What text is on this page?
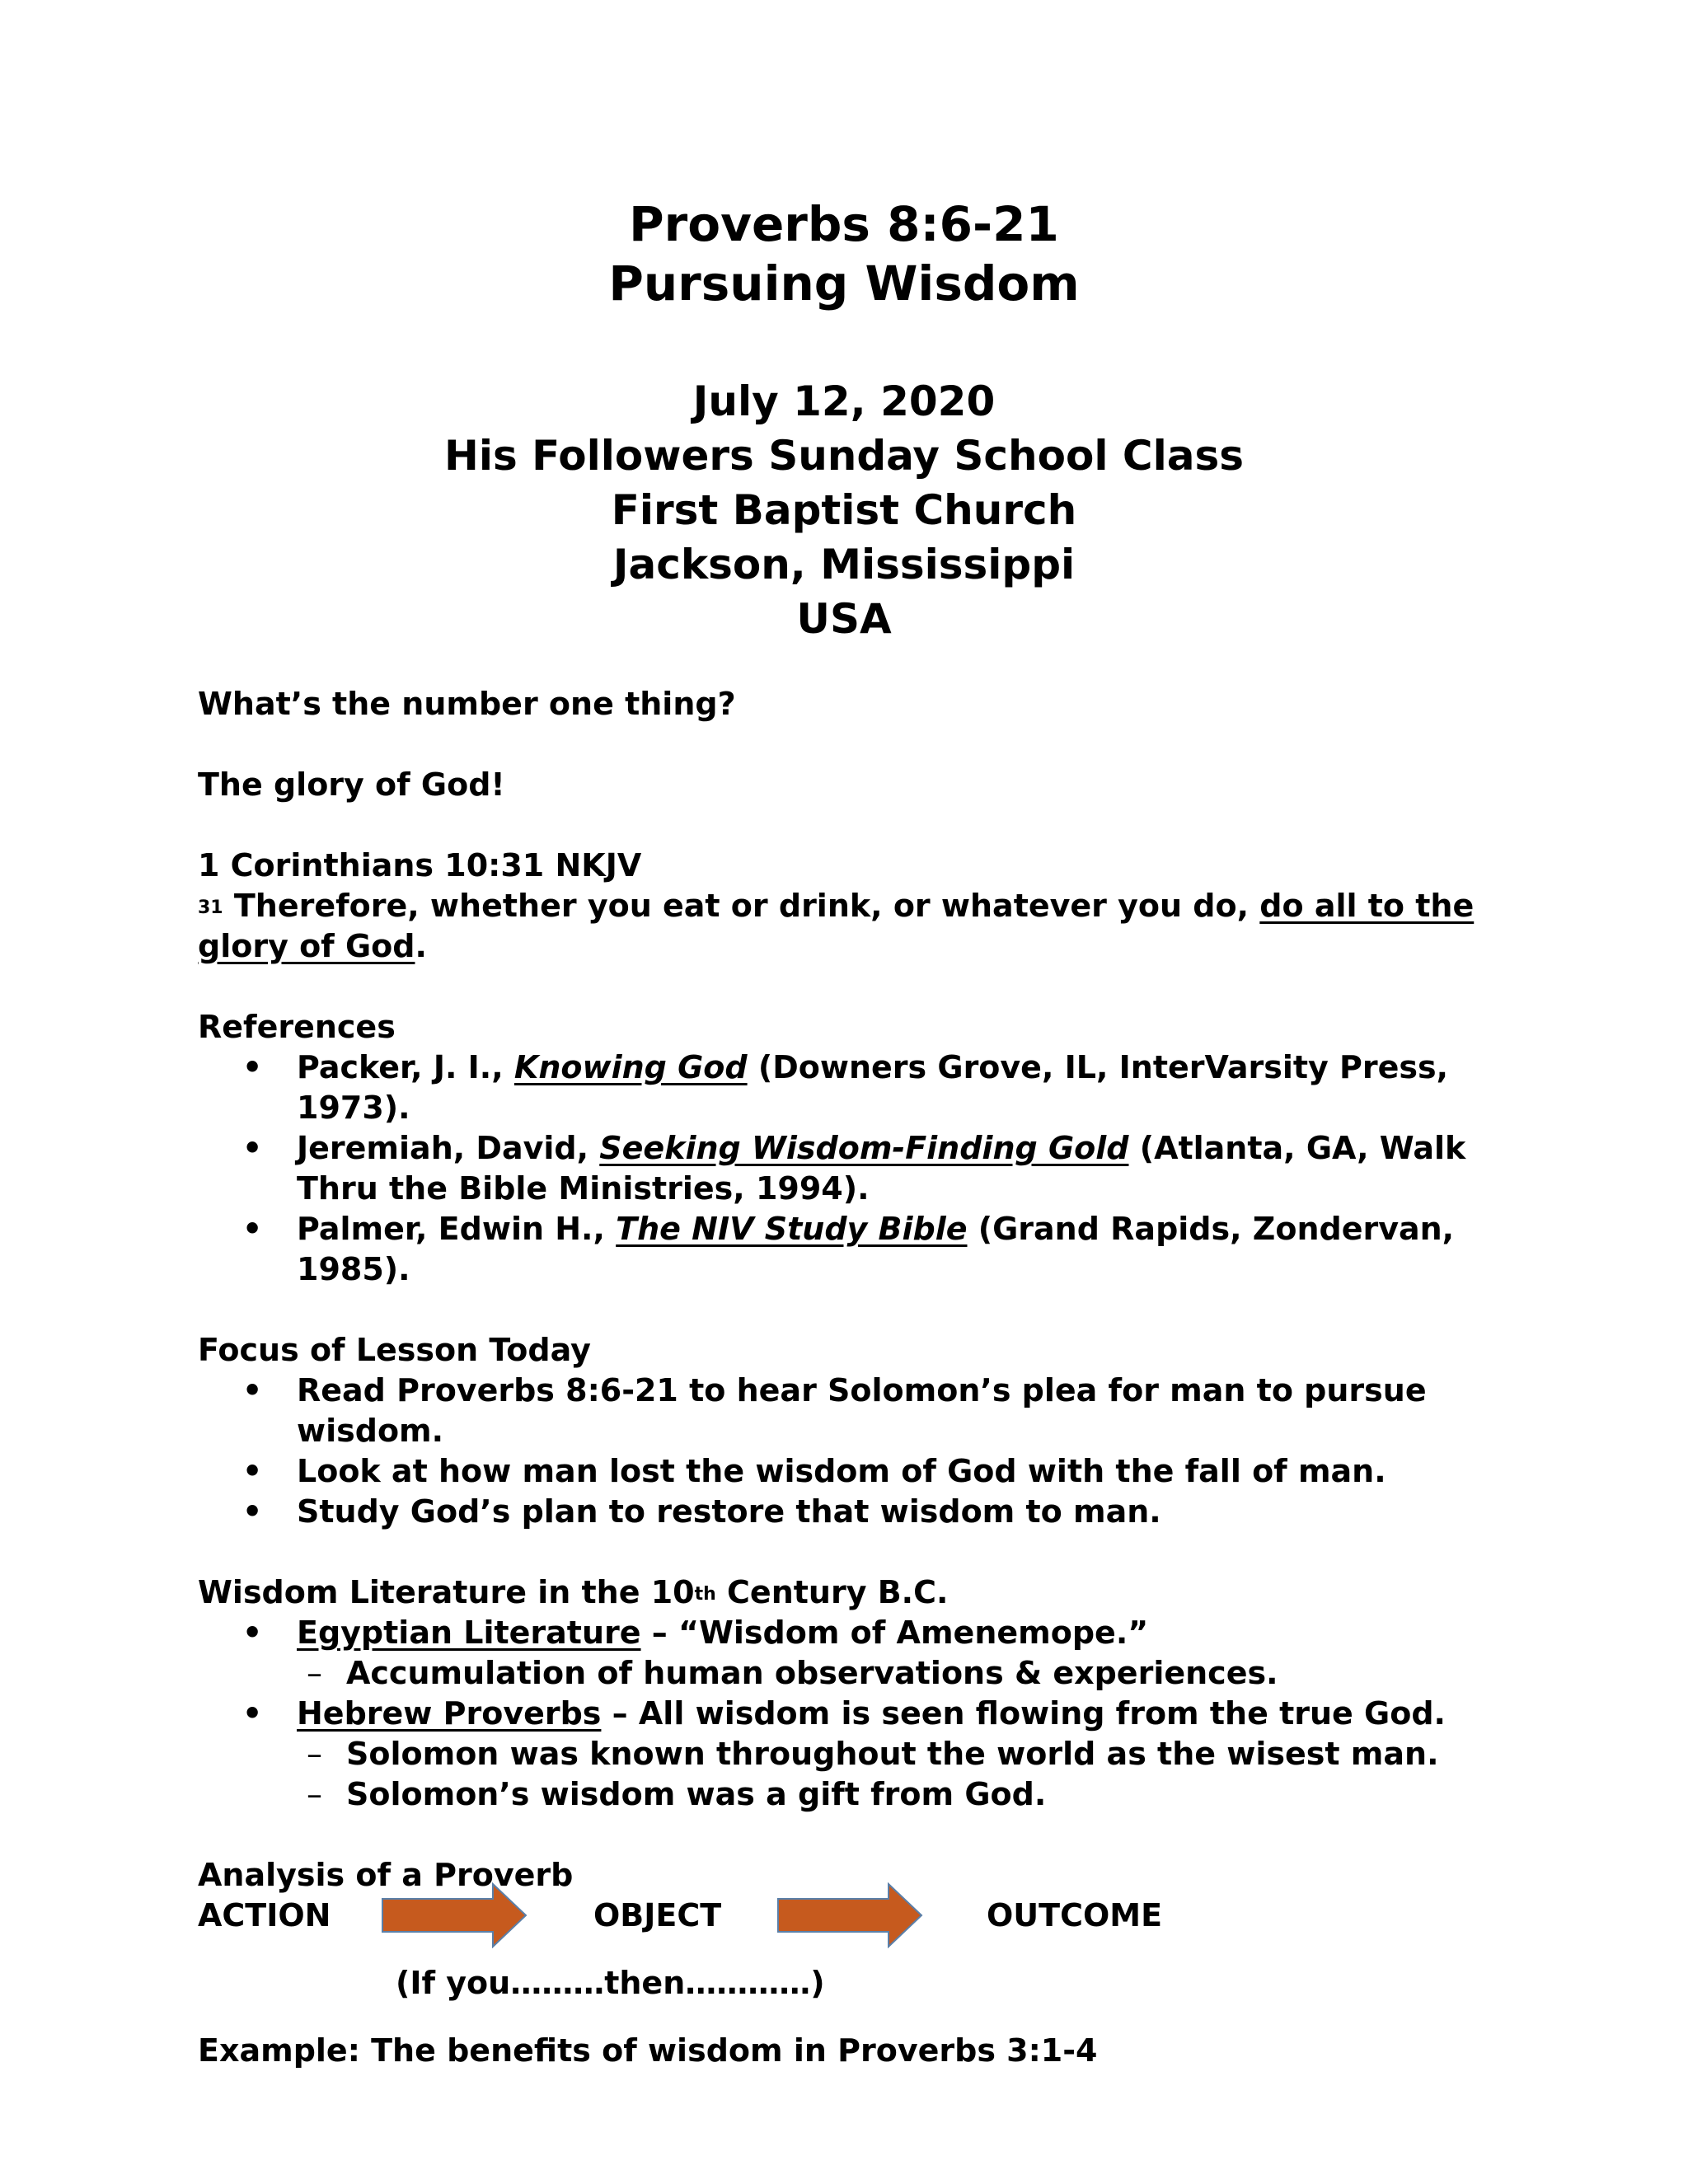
Proverbs 8:6-21
Pursuing Wisdom
July 12, 2020
His Followers Sunday School Class
First Baptist Church
Jackson, Mississippi
USA

What’s the number one thing?

The glory of God!

1 Corinthians 10:31 NKJV

$^{31}$ Therefore, whether you eat or drink, or whatever you do, do all to the glory of God.

References

• Packer, J. I., Knowing God (Downers Grove, IL, InterVarsity Press, 1973).
• Jeremiah, David, Seeking Wisdom-Finding Gold (Atlanta, GA, Walk Thru the Bible Ministries, 1994).
• Palmer, Edwin H., The NIV Study Bible (Grand Rapids, Zondervan, 1985).

Focus of Lesson Today

• Read Proverbs 8:6-21 to hear Solomon’s plea for man to pursue wisdom.
• Look at how man lost the wisdom of God with the fall of man.
• Study God’s plan to restore that wisdom to man.

Wisdom Literature in the 10th Century B.C.

• Egyptian Literature – “Wisdom of Amenemope.”
– Accumulation of human observations & experiences.
• Hebrew Proverbs – All wisdom is seen flowing from the true God.
– Solomon was known throughout the world as the wisest man.
– Solomon’s wisdom was a gift from God.

Analysis of a Proverb

ACTION	OBJECT	OUTCOME

(If you………then…………)

Example: The benefits of wisdom in Proverbs 3:1-4
